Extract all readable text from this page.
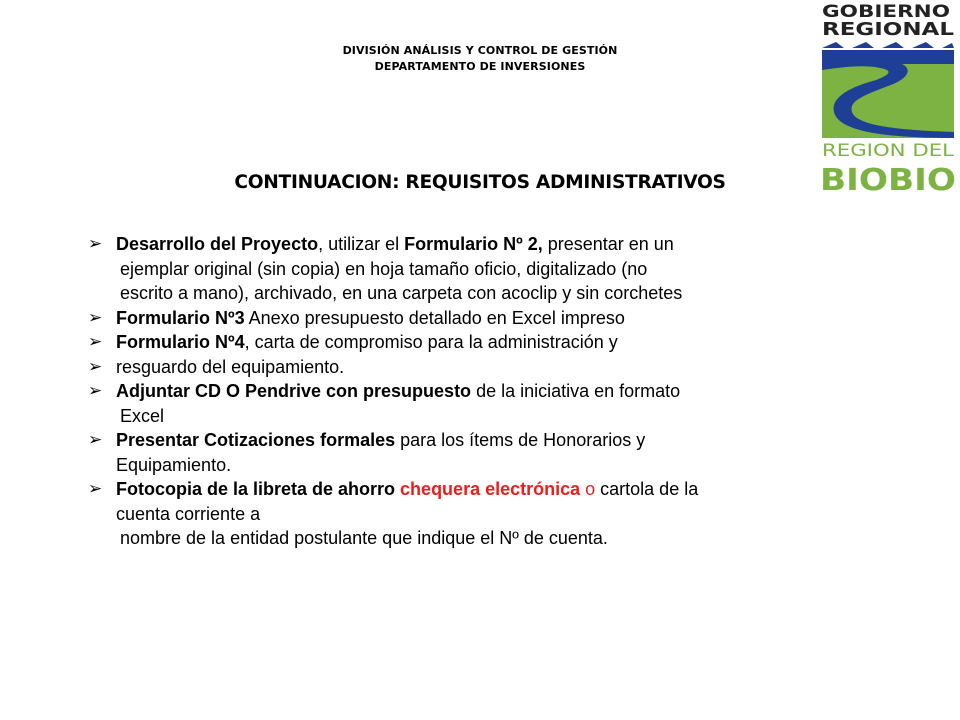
DIVISIÓN ANÁLISIS Y CONTROL DE GESTIÓN
DEPARTAMENTO DE INVERSIONES
GOBIERNO
REGIONAL
REGION DEL
BIOBIO
CONTINUACION: REQUISITOS ADMINISTRATIVOS
➢ Desarrollo del Proyecto, utilizar el Formulario Nº 2, presentar en un
ejemplar original (sin copia) en hoja tamaño oficio, digitalizado (no
escrito a mano), archivado, en una carpeta con acoclip y sin corchetes
➢ Formulario Nº3 Anexo presupuesto detallado en Excel impreso
➢ Formulario Nº4, carta de compromiso para la administración y
➢ resguardo del equipamiento.
➢ Adjuntar CD O Pendrive con presupuesto de la iniciativa en formato
Excel
➢ Presentar Cotizaciones formales para los ítems de Honorarios y
Equipamiento.
➢ Fotocopia de la libreta de ahorro chequera electrónica o cartola de la
cuenta corriente a
nombre de la entidad postulante que indique el Nº de cuenta.
